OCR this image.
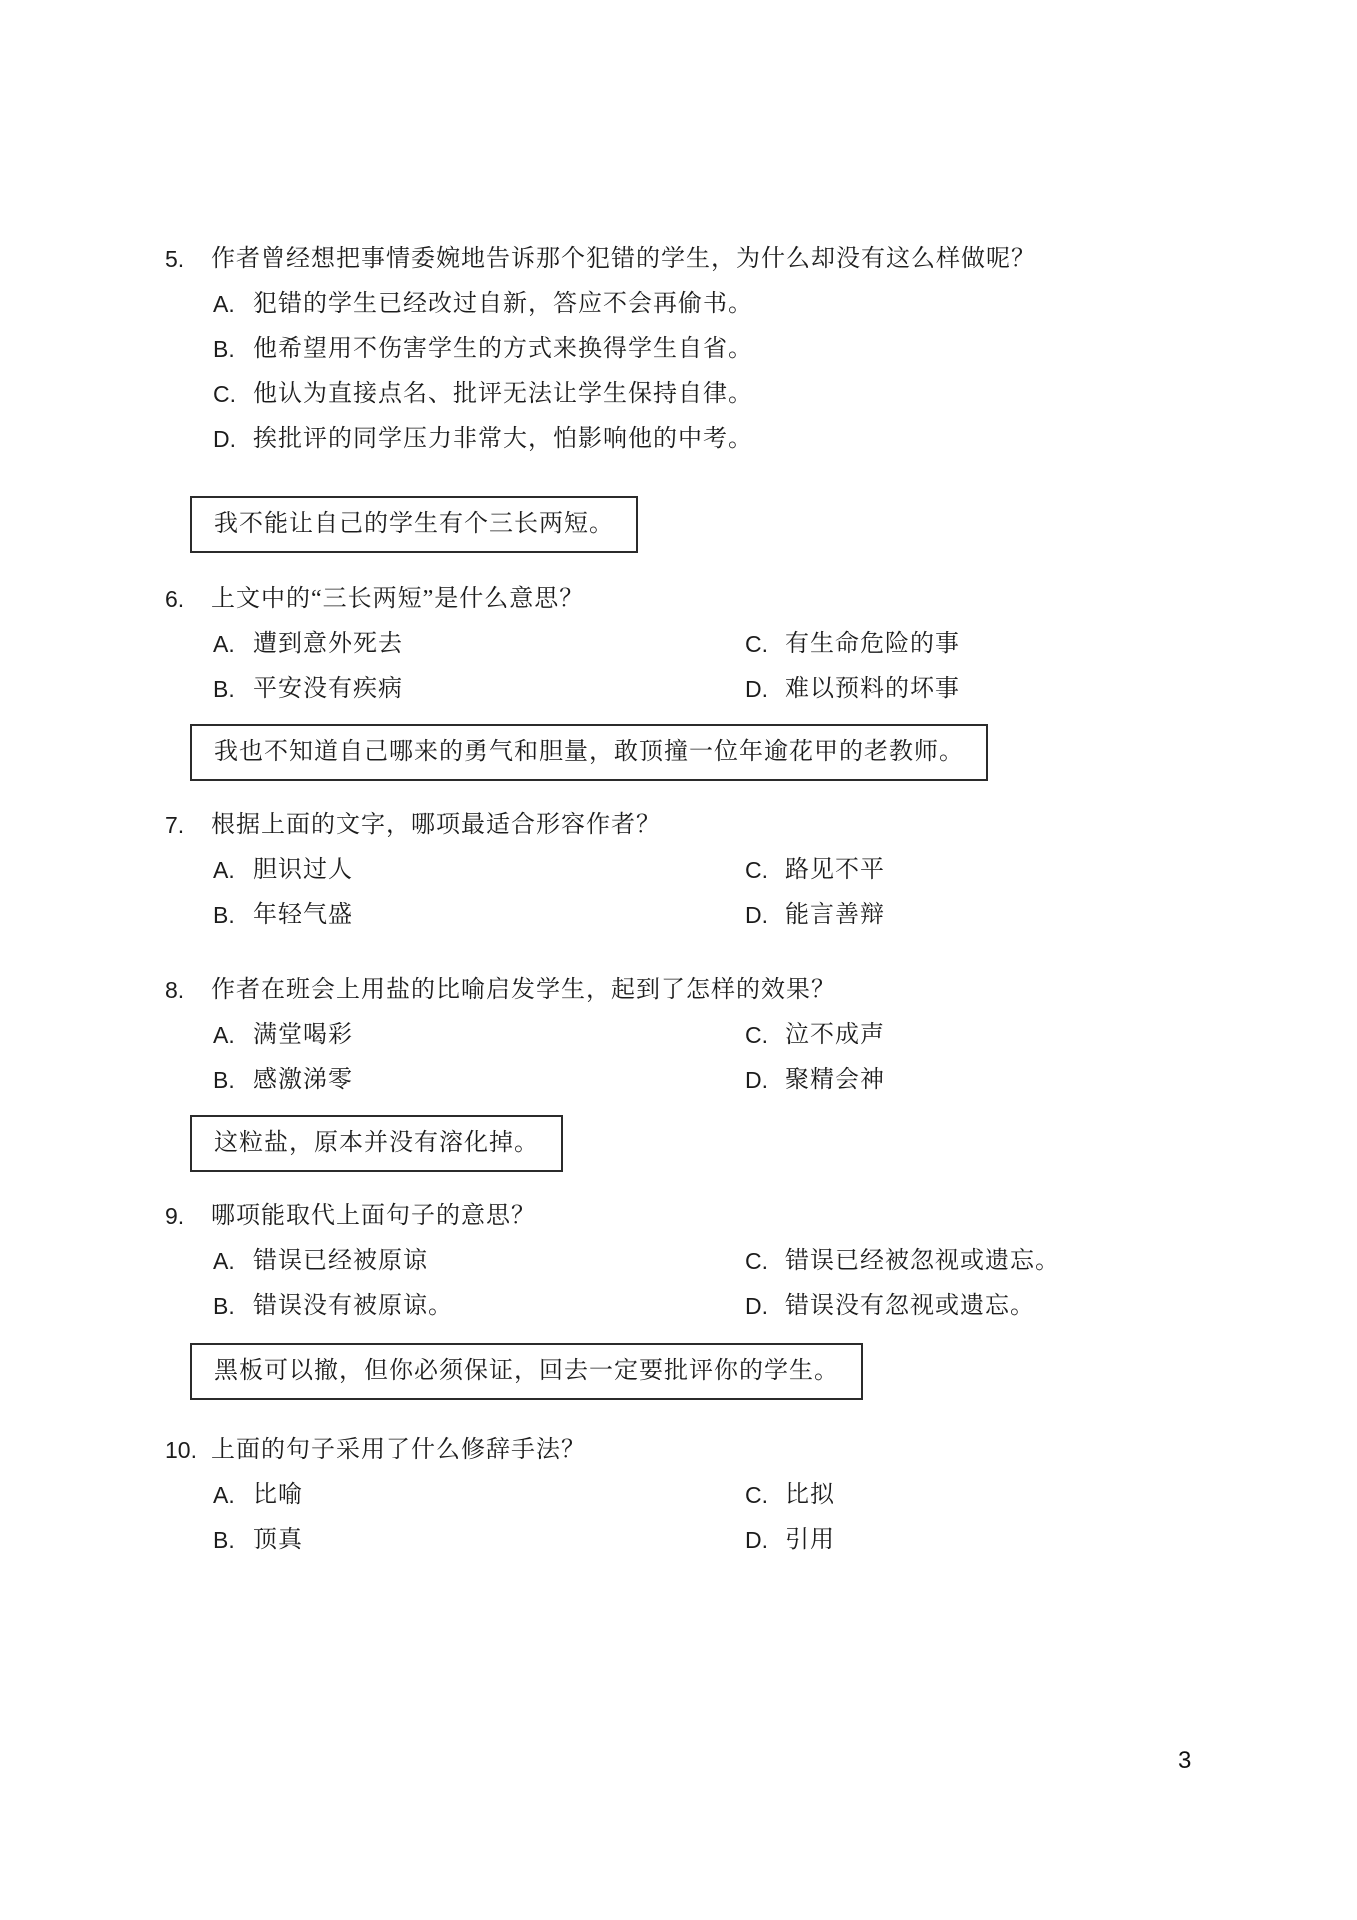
5.	作者曾经想把事情委婉地告诉那个犯错的学生，为什么却没有这么样做呢？
A. 犯错的学生已经改过自新，答应不会再偷书。
B. 他希望用不伤害学生的方式来换得学生自省。
C. 他认为直接点名、批评无法让学生保持自律。
D. 挨批评的同学压力非常大，怕影响他的中考。
我不能让自己的学生有个三长两短。
6.	上文中的“三长两短”是什么意思？
A. 遭到意外死去
B. 平安没有疾病
C. 有生命危险的事
D. 难以预料的坏事
我也不知道自己哪来的勇气和胆量，敢顶撞一位年逾花甲的老教师。
7.	根据上面的文字，哪项最适合形容作者？
A. 胆识过人
B. 年轻气盛
C. 路见不平
D. 能言善辩
8.	作者在班会上用盐的比喻启发学生，起到了怎样的效果？
A. 满堂喝彩
B. 感激涕零
C. 泣不成声
D. 聚精会神
这粒盐，原本并没有溶化掉。
9.	哪项能取代上面句子的意思？
A. 错误已经被原谅
B. 错误没有被原谅。
C. 错误已经被忽视或遗忘。
D. 错误没有忽视或遗忘。
黑板可以撤，但你必须保证，回去一定要批评你的学生。
10. 上面的句子采用了什么修辞手法？
A. 比喻
B. 顶真
C. 比拟
D. 引用
3
